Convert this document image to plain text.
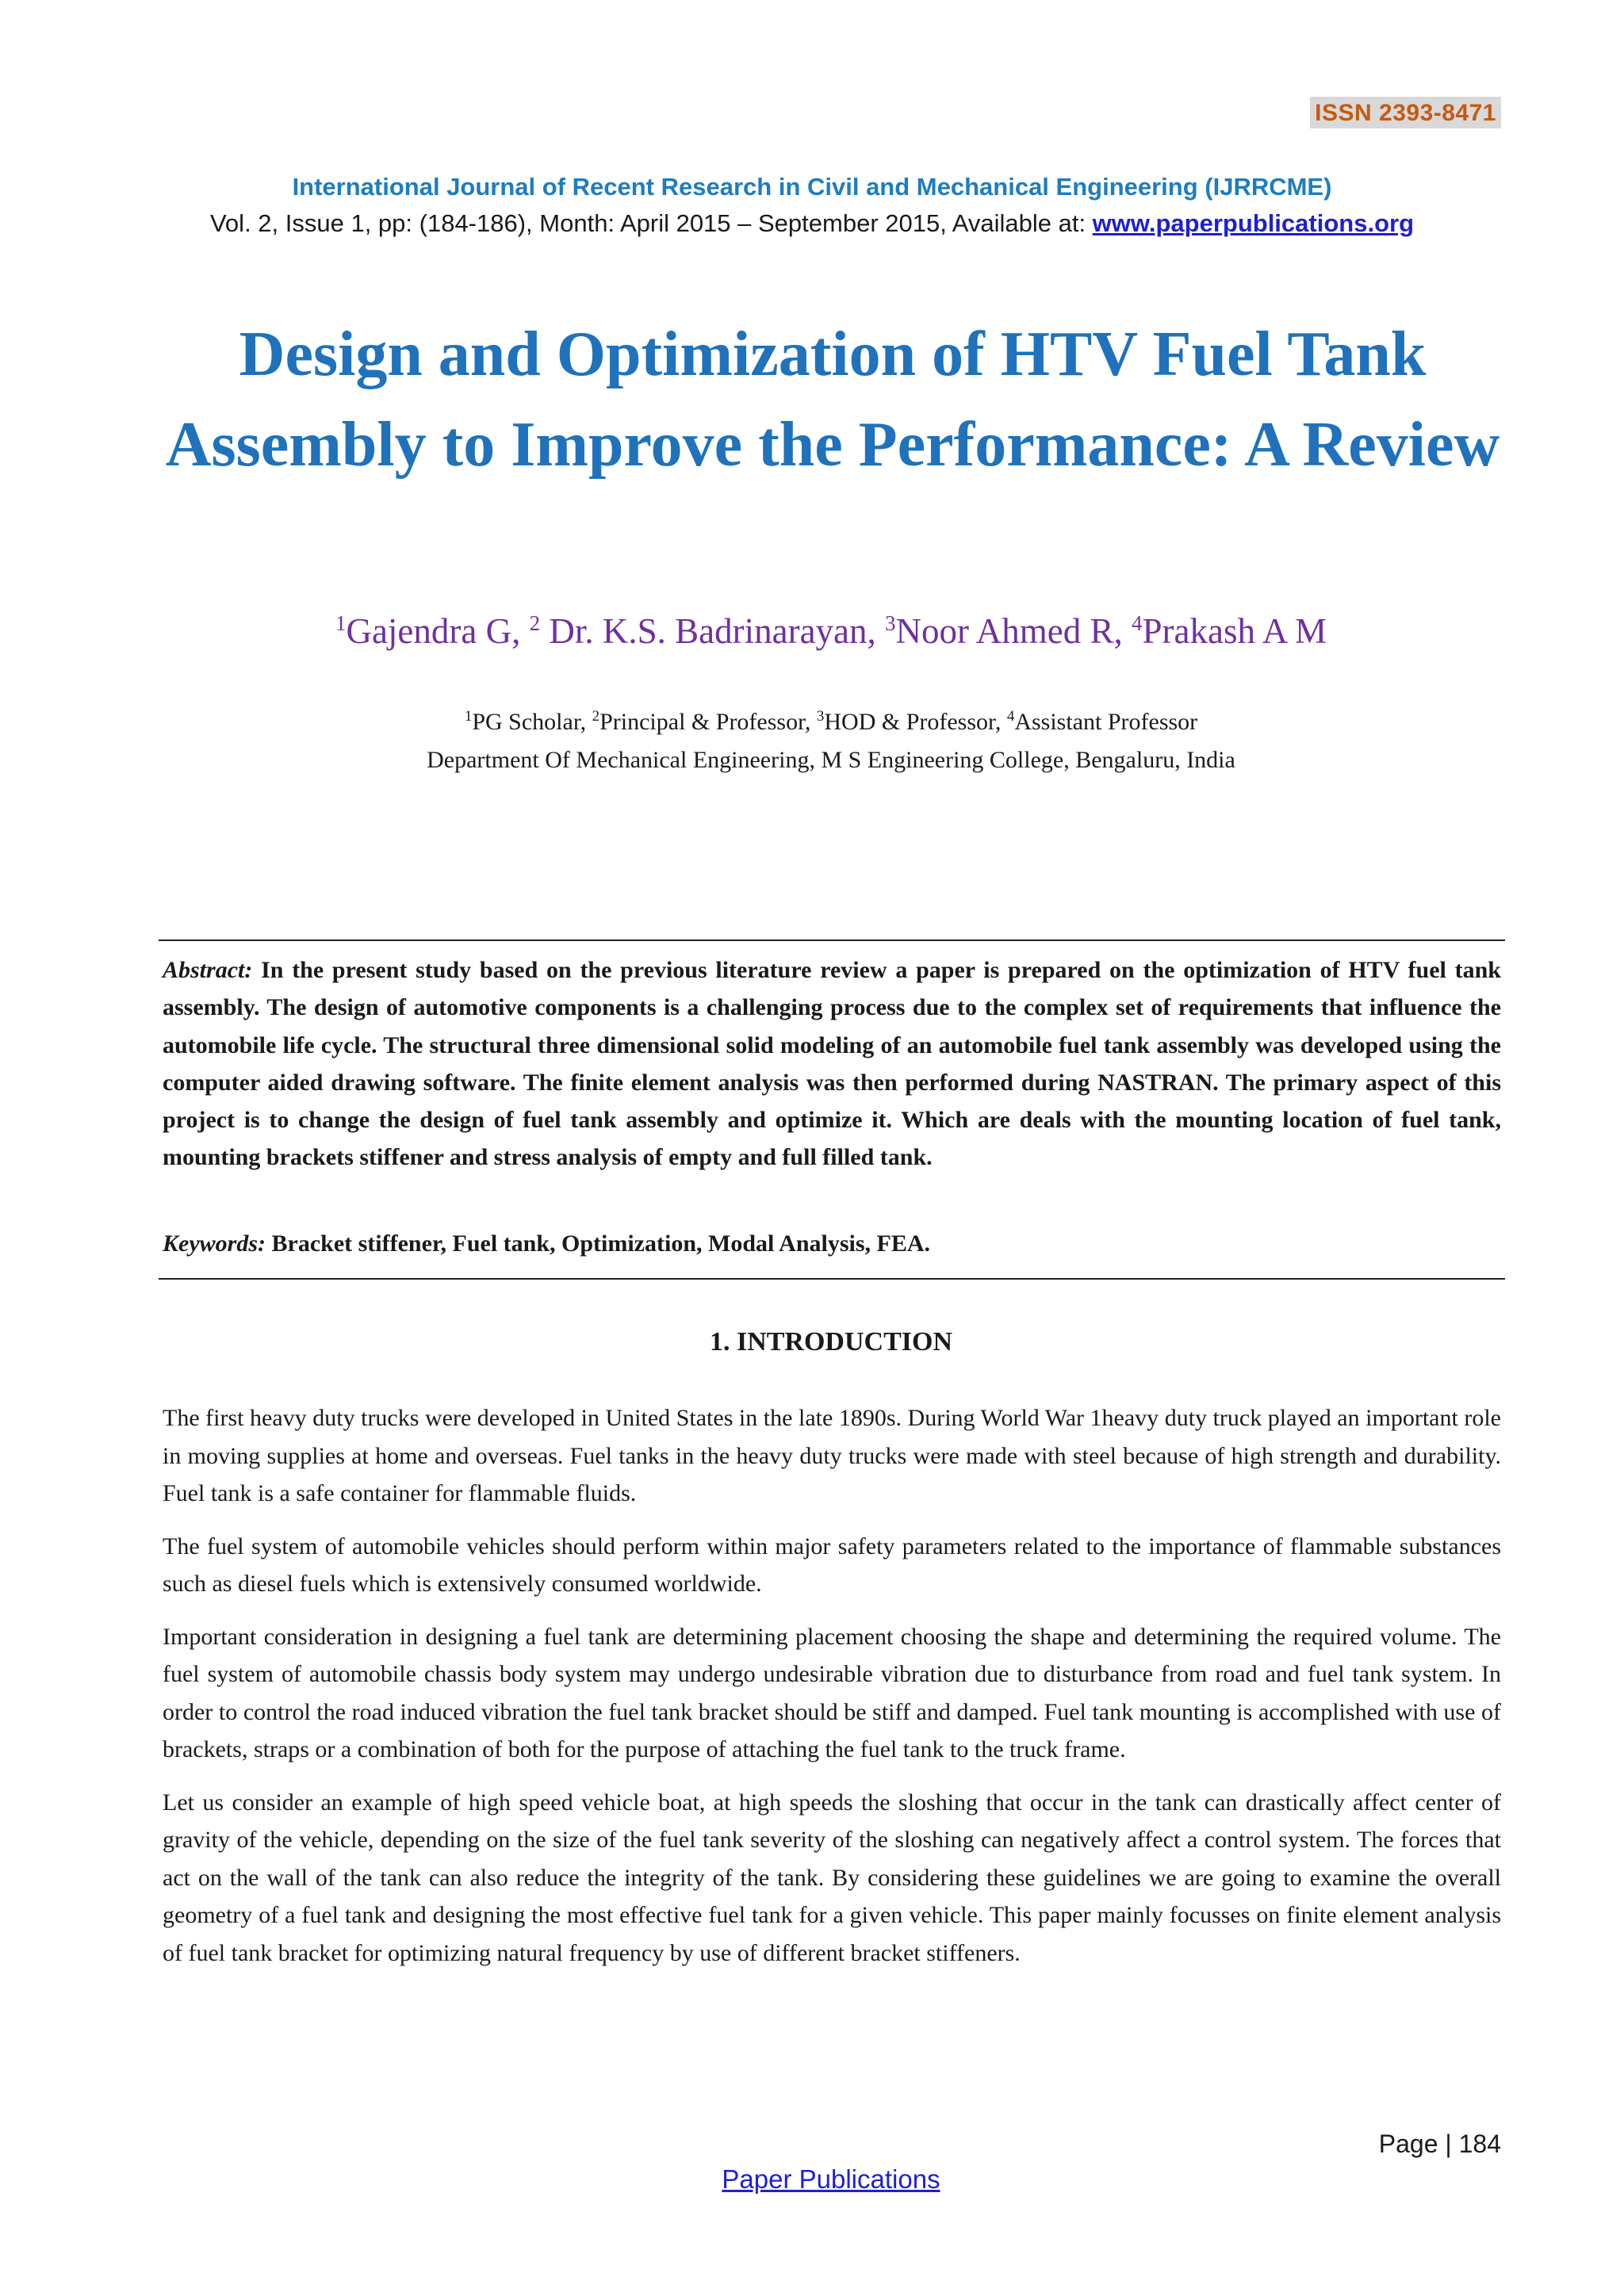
ISSN 2393-8471
International Journal of Recent Research in Civil and Mechanical Engineering (IJRRCME)
Vol. 2, Issue 1, pp: (184-186), Month: April 2015 – September 2015, Available at: www.paperpublications.org
Design and Optimization of HTV Fuel Tank Assembly to Improve the Performance: A Review
$^1$Gajendra G, $^2$ Dr. K.S. Badrinarayan, $^3$Noor Ahmed R, $^4$Prakash A M
$^1$PG Scholar, $^2$Principal & Professor, $^3$HOD & Professor, $^4$Assistant Professor
Department Of Mechanical Engineering, M S Engineering College, Bengaluru, India
Abstract: In the present study based on the previous literature review a paper is prepared on the optimization of HTV fuel tank assembly. The design of automotive components is a challenging process due to the complex set of requirements that influence the automobile life cycle. The structural three dimensional solid modeling of an automobile fuel tank assembly was developed using the computer aided drawing software. The finite element analysis was then performed during NASTRAN. The primary aspect of this project is to change the design of fuel tank assembly and optimize it. Which are deals with the mounting location of fuel tank, mounting brackets stiffener and stress analysis of empty and full filled tank.
Keywords: Bracket stiffener, Fuel tank, Optimization, Modal Analysis, FEA.
1. INTRODUCTION

The first heavy duty trucks were developed in United States in the late 1890s. During World War 1heavy duty truck played an important role in moving supplies at home and overseas. Fuel tanks in the heavy duty trucks were made with steel because of high strength and durability. Fuel tank is a safe container for flammable fluids.

The fuel system of automobile vehicles should perform within major safety parameters related to the importance of flammable substances such as diesel fuels which is extensively consumed worldwide.

Important consideration in designing a fuel tank are determining placement choosing the shape and determining the required volume. The fuel system of automobile chassis body system may undergo undesirable vibration due to disturbance from road and fuel tank system. In order to control the road induced vibration the fuel tank bracket should be stiff and damped. Fuel tank mounting is accomplished with use of brackets, straps or a combination of both for the purpose of attaching the fuel tank to the truck frame.

Let us consider an example of high speed vehicle boat, at high speeds the sloshing that occur in the tank can drastically affect center of gravity of the vehicle, depending on the size of the fuel tank severity of the sloshing can negatively affect a control system. The forces that act on the wall of the tank can also reduce the integrity of the tank. By considering these guidelines we are going to examine the overall geometry of a fuel tank and designing the most effective fuel tank for a given vehicle. This paper mainly focusses on finite element analysis of fuel tank bracket for optimizing natural frequency by use of different bracket stiffeners.

Page | 184
Paper Publications
